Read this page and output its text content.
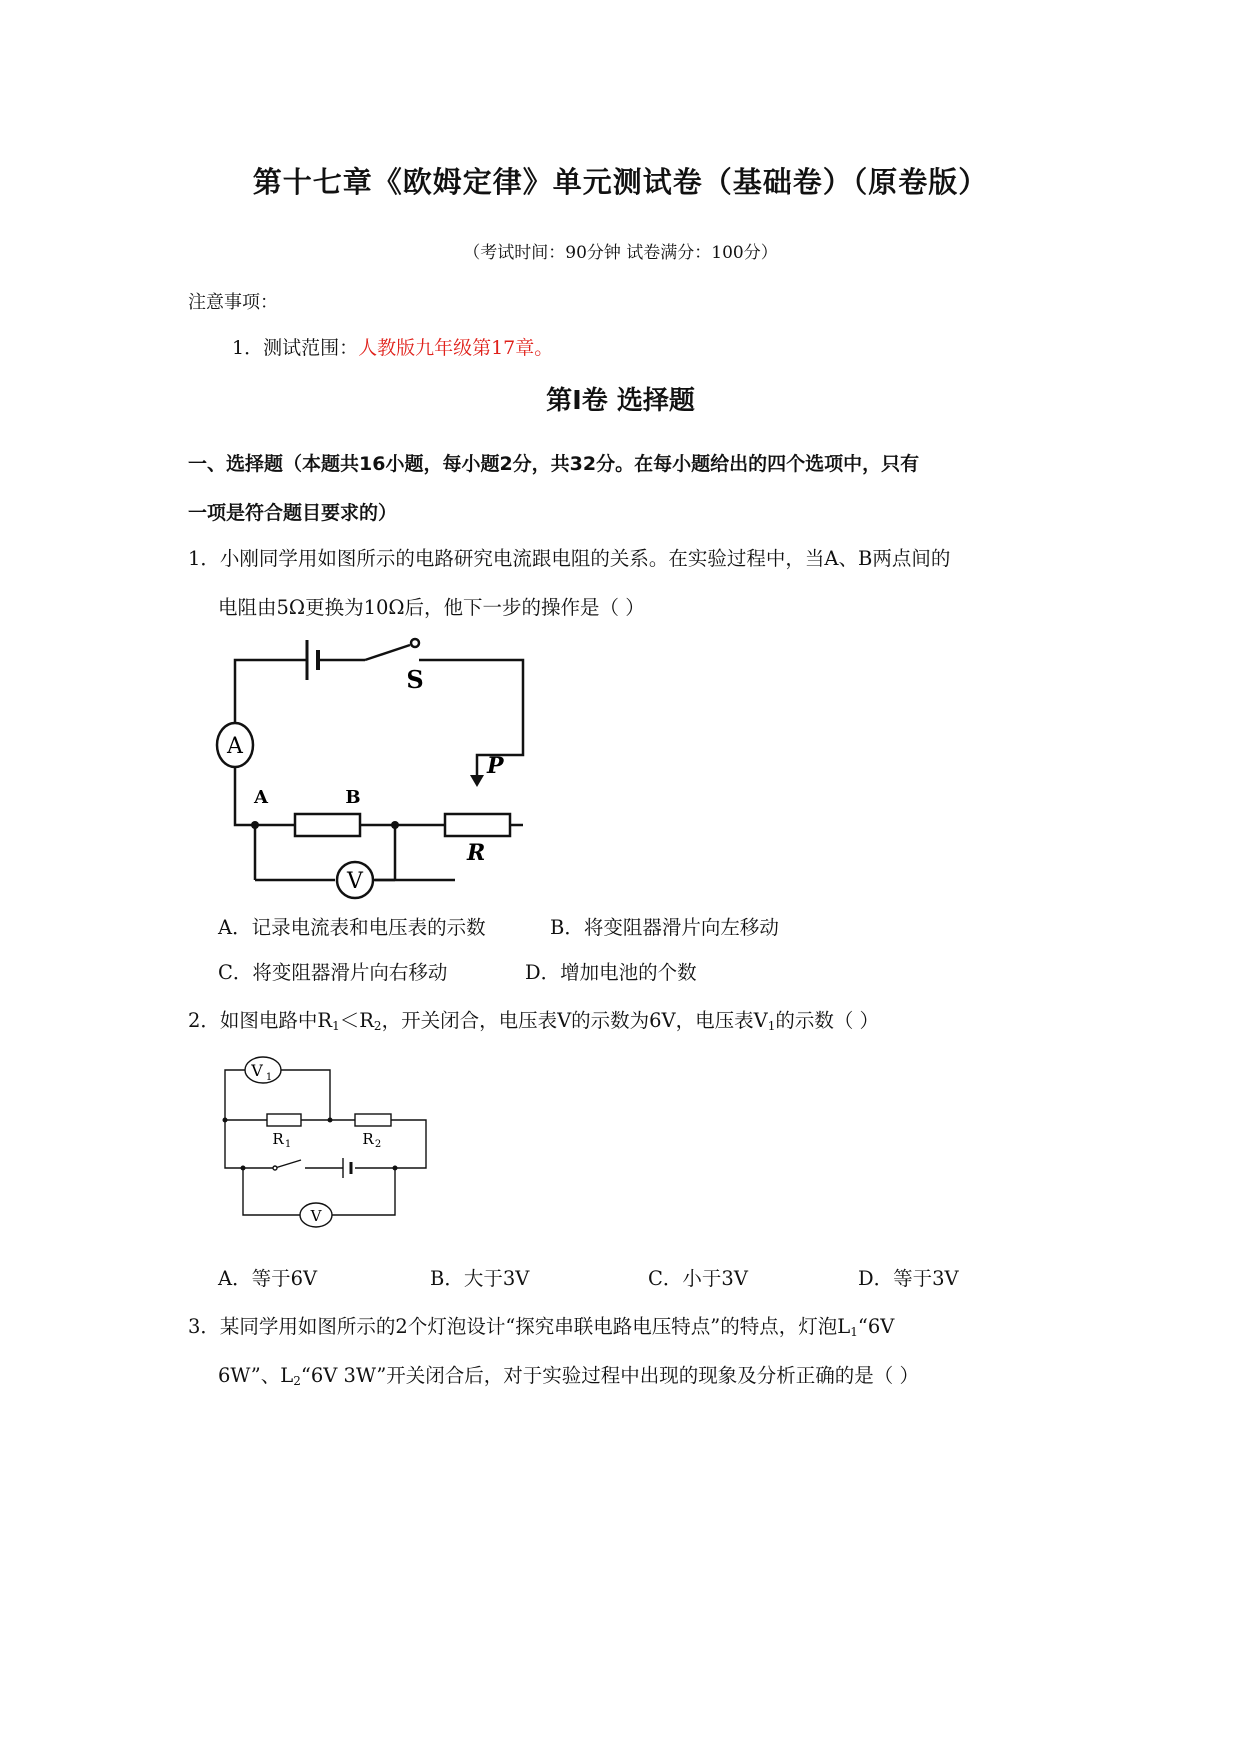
第十七章《欧姆定律》单元测试卷（基础卷）（原卷版）
（考试时间：90分钟 试卷满分：100分）
注意事项：
1．测试范围：人教版九年级第17章。
第Ⅰ卷 选择题
一、选择题（本题共16小题，每小题2分，共32分。在每小题给出的四个选项中，只有
一项是符合题目要求的）
1．小刚同学用如图所示的电路研究电流跟电阻的关系。在实验过程中，当A、B两点间的
电阻由5Ω更换为10Ω后，他下一步的操作是（ ）
A
V
S
P
R
A	B
A．记录电流表和电压表的示数	B．将变阻器滑片向左移动
C．将变阻器滑片向右移动	D．增加电池的个数
2．如图电路中$R_1<R_2$，开关闭合，电压表V的示数为6V，电压表$V_1$的示数（ ）
V 1
R 1	R 2
V
A．等于6V	B．大于3V	C．小于3V	D．等于3V
3．某同学用如图所示的2个灯泡设计“探究串联电路电压特点”的特点，灯泡$L_1“6V$
6W”、$L_2“6V$ 3W”开关闭合后，对于实验过程中出现的现象及分析正确的是（ ）
